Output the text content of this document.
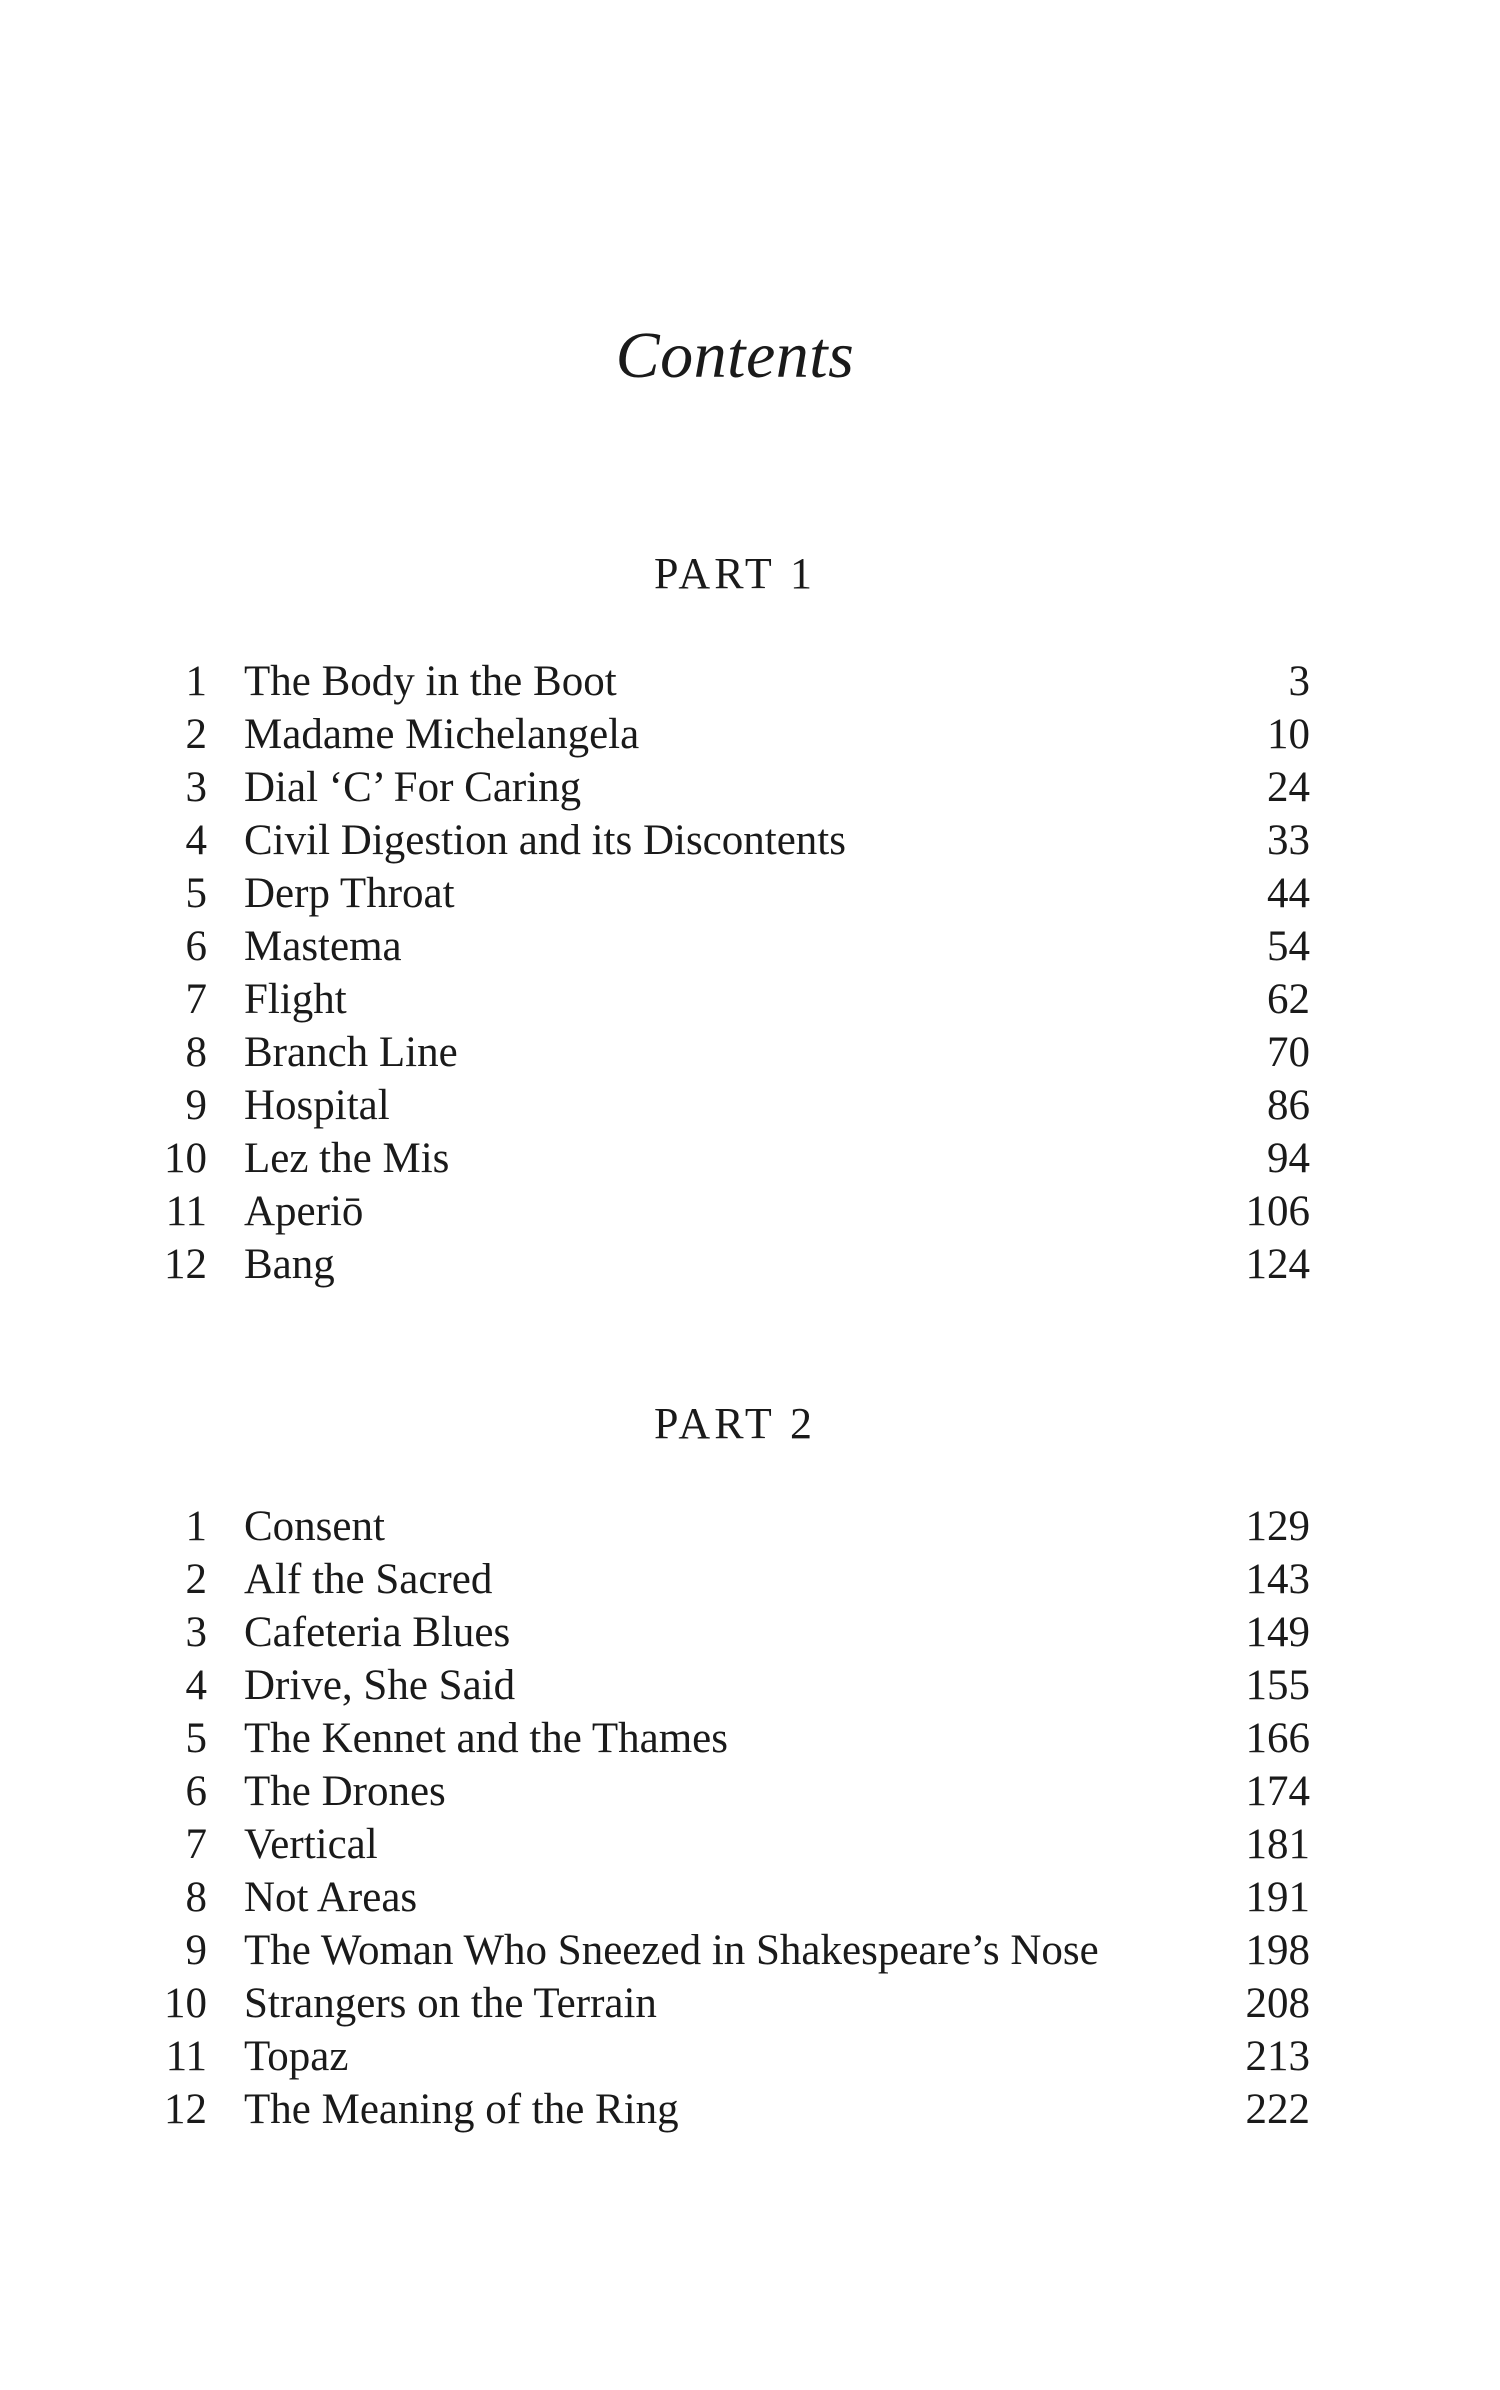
Contents
PART 1
1 The Body in the Boot	3
2 Madame Michelangela	10
3 Dial ‘C’ For Caring	24
4 Civil Digestion and its Discontents	33
5 Derp Throat	44
6 Mastema	54
7 Flight	62
8 Branch Line	70
9 Hospital	86
10 Lez the Mis	94
11 Aperiō	106
12 Bang	124
PART 2
1 Consent	129
2 Alf the Sacred	143
3 Cafeteria Blues	149
4 Drive, She Said	155
5 The Kennet and the Thames	166
6 The Drones	174
7 Vertical	181
8 Not Areas	191
9 The Woman Who Sneezed in Shakespeare’s Nose	198
10 Strangers on the Terrain	208
11 Topaz	213
12 The Meaning of the Ring	222
